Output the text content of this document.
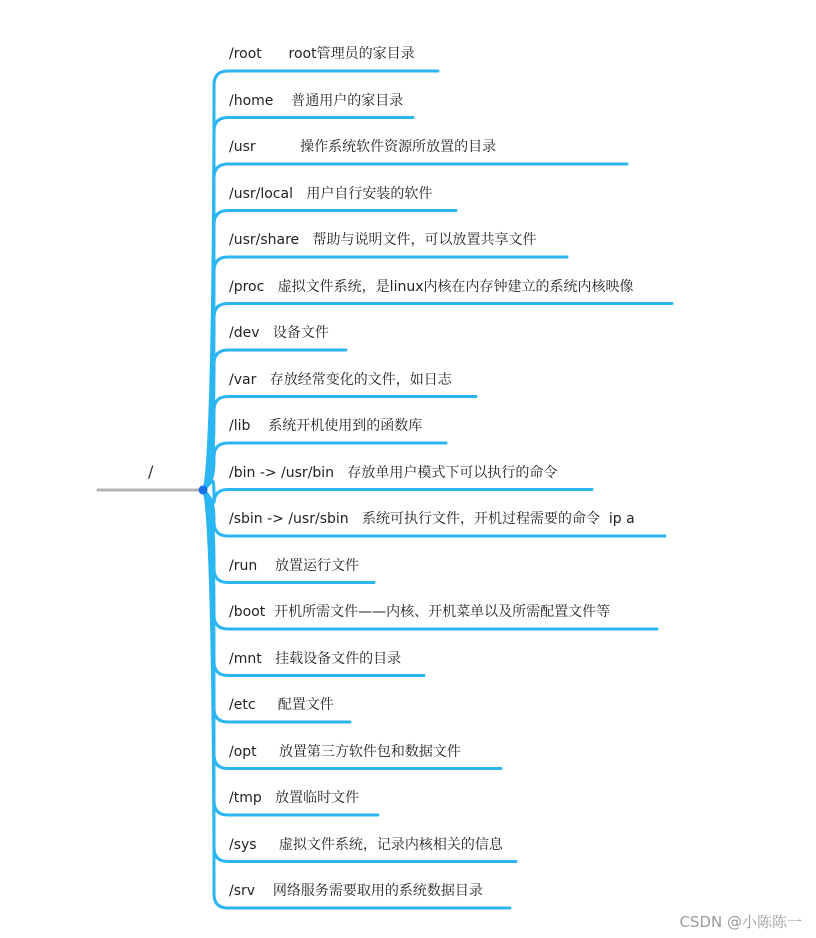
/
/root root管理员的家目录
/home 普通用户的家目录
/usr	操作系统软件资源所放置的目录
/usr/local 用户自行安装的软件
/usr/share 帮助与说明文件，可以放置共享文件
/proc 虚拟文件系统，是linux内核在内存钟建立的系统内核映像
/dev 设备文件
/var 存放经常变化的文件，如日志
/lib 系统开机使用到的函数库
/bin -> /usr/bin 存放单用户模式下可以执行的命令
/sbin -> /usr/sbin 系统可执行文件，开机过程需要的命令  ip a
/run 放置运行文件
/boot 开机所需文件——内核、开机菜单以及所需配置文件等
/mnt 挂载设备文件的目录
/etc 配置文件
/opt 放置第三方软件包和数据文件
/tmp 放置临时文件
/sys 虚拟文件系统，记录内核相关的信息
/srv 网络服务需要取用的系统数据目录
CSDN @小陈陈一
